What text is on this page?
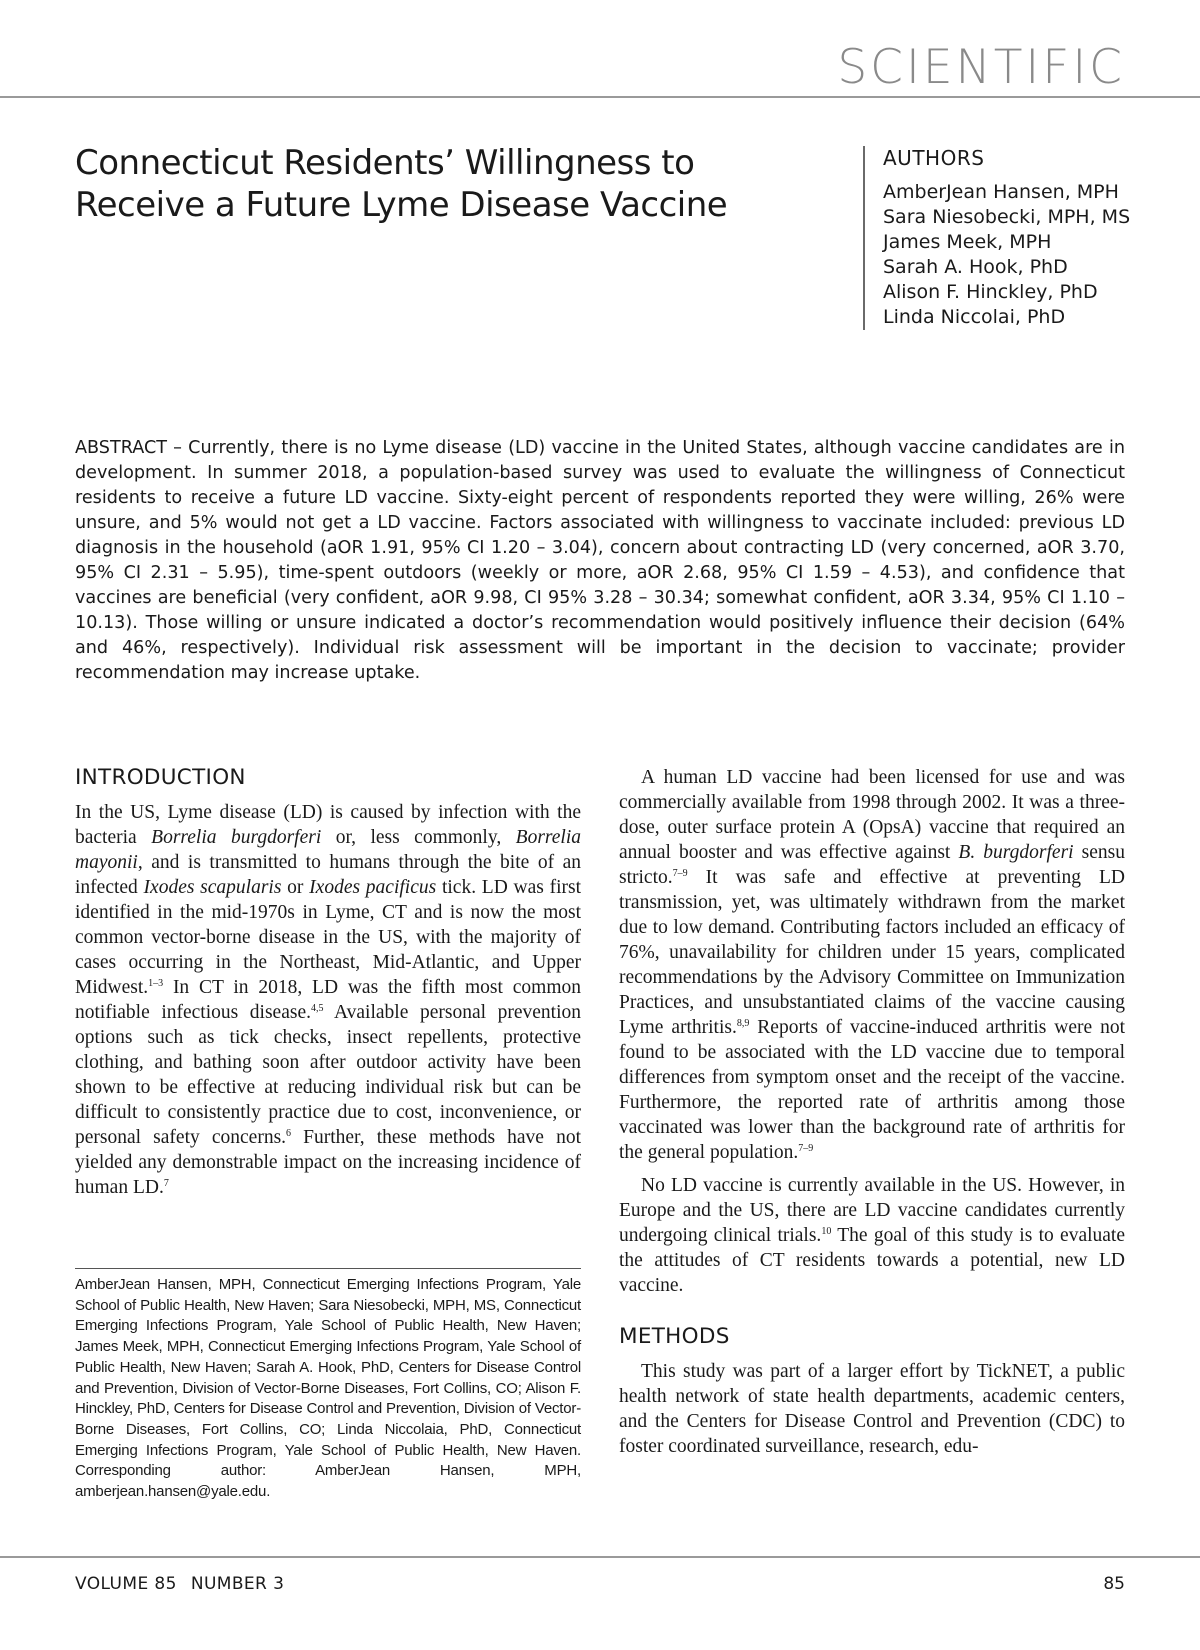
SCIENTIFIC
Connecticut Residents’ Willingness to Receive a Future Lyme Disease Vaccine
AUTHORS
AmberJean Hansen, MPH
Sara Niesobecki, MPH, MS
James Meek, MPH
Sarah A. Hook, PhD
Alison F. Hinckley, PhD
Linda Niccolai, PhD

ABSTRACT – Currently, there is no Lyme disease (LD) vaccine in the United States, although vaccine candidates are in development. In summer 2018, a population-based survey was used to evaluate the willingness of Connecticut residents to receive a future LD vaccine. Sixty-eight percent of respondents reported they were willing, 26% were unsure, and 5% would not get a LD vaccine. Factors associated with willingness to vaccinate included: previous LD diagnosis in the household (aOR 1.91, 95% CI 1.20 – 3.04), concern about contracting LD (very concerned, aOR 3.70, 95% CI 2.31 – 5.95), time-spent outdoors (weekly or more, aOR 2.68, 95% CI 1.59 – 4.53), and confidence that vaccines are beneficial (very confident, aOR 9.98, CI 95% 3.28 – 30.34; somewhat confident, aOR 3.34, 95% CI 1.10 – 10.13). Those willing or unsure indicated a doctor’s recommendation would positively influence their decision (64% and 46%, respectively). Individual risk assessment will be important in the decision to vaccinate; provider recommendation may increase uptake.

INTRODUCTION

In the US, Lyme disease (LD) is caused by infection with the bacteria Borrelia burgdorferi or, less commonly, Borrelia mayonii, and is transmitted to humans through the bite of an infected Ixodes scapularis or Ixodes pacificus tick. LD was first identified in the mid-1970s in Lyme, CT and is now the most common vector-borne disease in the US, with the majority of cases occurring in the Northeast, Mid-Atlantic, and Upper Midwest.$^{1-3}$ In CT in 2018, LD was the fifth most common notifiable infectious disease.$^{4,5}$ Available personal prevention options such as tick checks, insect repellents, protective clothing, and bathing soon after outdoor activity have been shown to be effective at reducing individual risk but can be difficult to consistently practice due to cost, inconvenience, or personal safety concerns.$^6$ Further, these methods have not yielded any demonstrable impact on the increasing incidence of human LD.$^7$

AmberJean Hansen, MPH, Connecticut Emerging Infections Program, Yale School of Public Health, New Haven; Sara Niesobecki, MPH, MS, Connecticut Emerging Infections Program, Yale School of Public Health, New Haven; James Meek, MPH, Connecticut Emerging Infections Program, Yale School of Public Health, New Haven; Sarah A. Hook, PhD, Centers for Disease Control and Prevention, Division of Vector-Borne Diseases, Fort Collins, CO; Alison F. Hinckley, PhD, Centers for Disease Control and Prevention, Division of Vector-Borne Diseases, Fort Collins, CO; Linda Niccolaia, PhD, Connecticut Emerging Infections Program, Yale School of Public Health, New Haven. Corresponding author: AmberJean Hansen, MPH, amberjean.hansen@yale.edu.

A human LD vaccine had been licensed for use and was commercially available from 1998 through 2002. It was a three-dose, outer surface protein A (OpsA) vaccine that required an annual booster and was effective against B. burgdorferi sensu stricto.$^{7-9}$ It was safe and effective at preventing LD transmission, yet, was ultimately withdrawn from the market due to low demand. Contributing factors included an efficacy of 76%, unavailability for children under 15 years, complicated recommendations by the Advisory Committee on Immunization Practices, and unsubstantiated claims of the vaccine causing Lyme arthritis.$^{8,9}$ Reports of vaccine-induced arthritis were not found to be associated with the LD vaccine due to temporal differences from symptom onset and the receipt of the vaccine. Furthermore, the reported rate of arthritis among those vaccinated was lower than the background rate of arthritis for the general population.$^{7-9}$

No LD vaccine is currently available in the US. However, in Europe and the US, there are LD vaccine candidates currently undergoing clinical trials.$^{10}$ The goal of this study is to evaluate the attitudes of CT residents towards a potential, new LD vaccine.

METHODS

This study was part of a larger effort by TickNET, a public health network of state health departments, academic centers, and the Centers for Disease Control and Prevention (CDC) to foster coordinated surveillance, research, edu-

VOLUME 85 NUMBER 3	85
